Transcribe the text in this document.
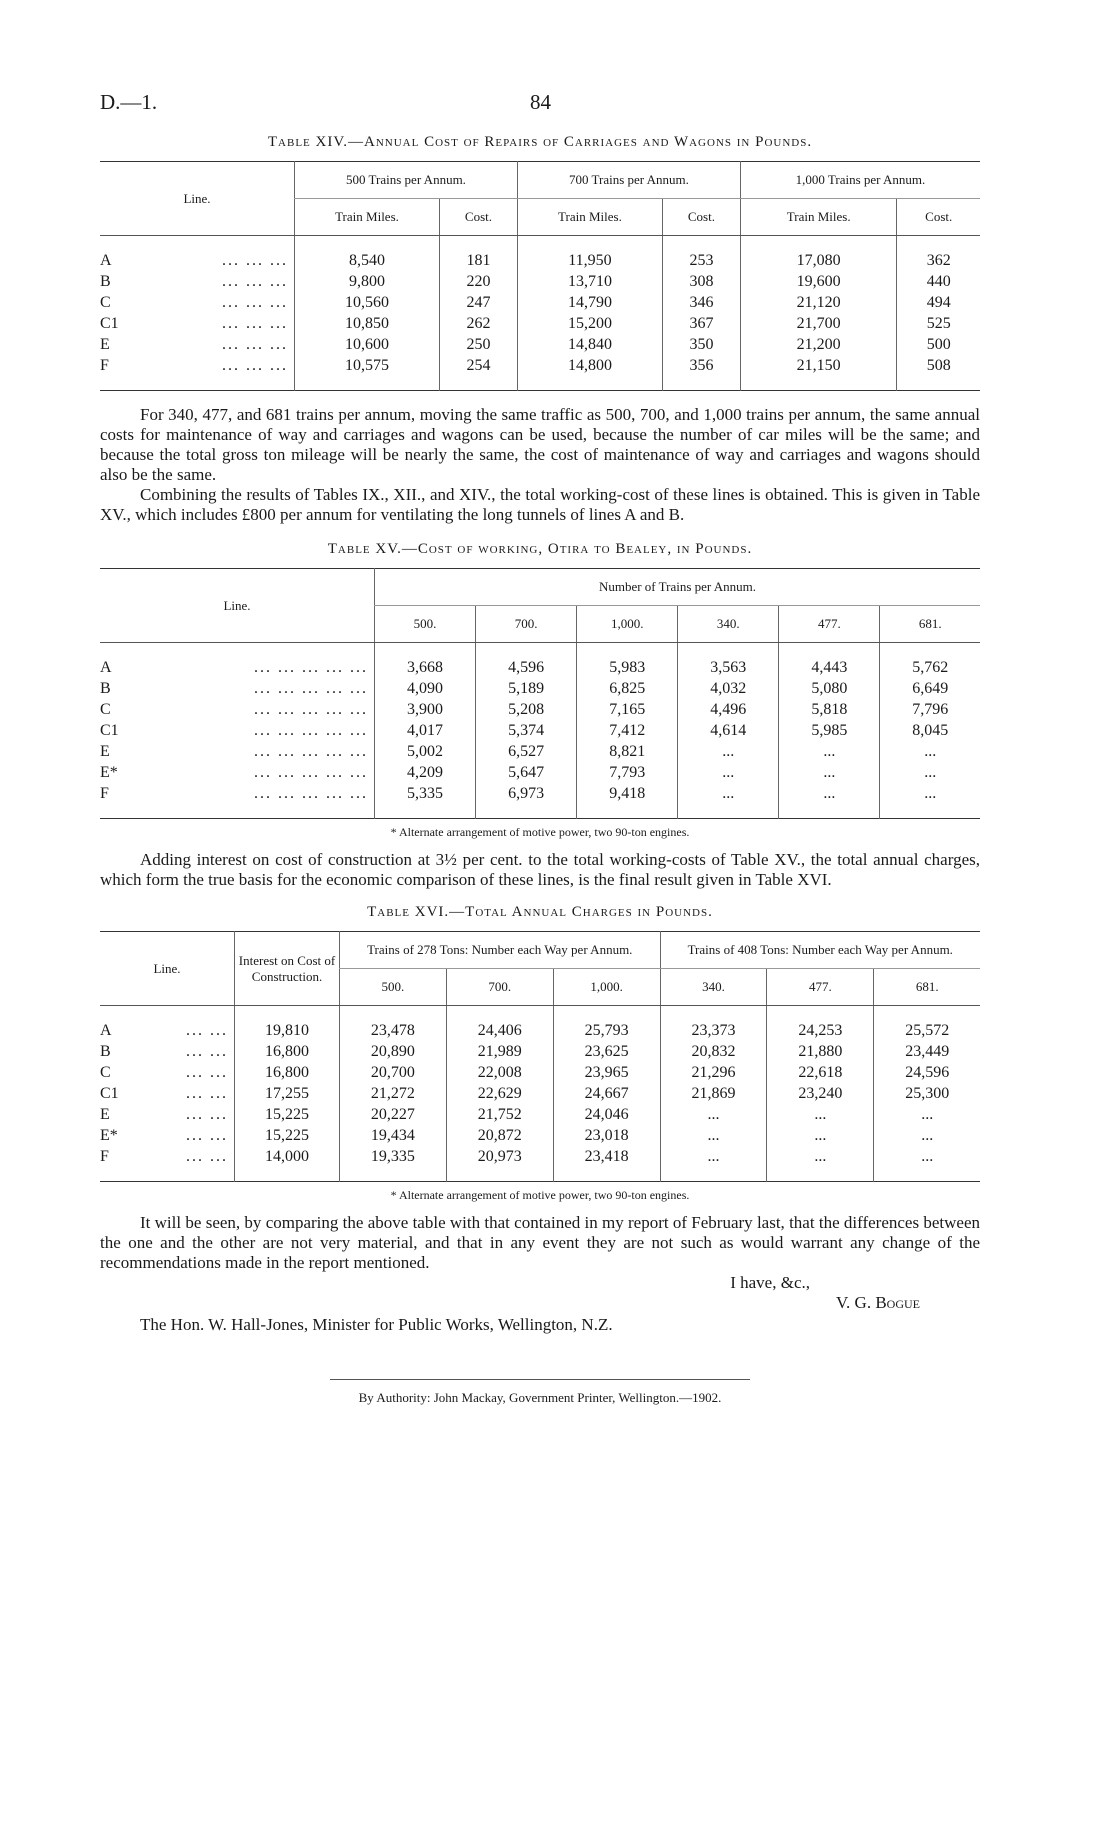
D.—1.	84
Table XIV.—Annual Cost of Repairs of Carriages and Wagons in Pounds.
Line.	500 Trains per Annum.		700 Trains per Annum.		1,000 Trains per Annum.	
	Train Miles.	Cost.	Train Miles.	Cost.	Train Miles.	Cost.

A ... ... ...	8,540	181	11,950	253	17,080	362
B ... ... ...	9,800	220	13,710	308	19,600	440
C ... ... ...	10,560	247	14,790	346	21,120	494
C1 ... ... ...	10,850	262	15,200	367	21,700	525
E ... ... ...	10,600	250	14,840	350	21,200	500
F ... ... ...	10,575	254	14,800	356	21,150	508

For 340, 477, and 681 trains per annum, moving the same traffic as 500, 700, and 1,000 trains per annum, the same annual costs for maintenance of way and carriages and wagons can be used, because the number of car miles will be the same; and because the total gross ton mileage will be nearly the same, the cost of maintenance of way and carriages and wagons should also be the same.

Combining the results of Tables IX., XII., and XIV., the total working-cost of these lines is obtained. This is given in Table XV., which includes £800 per annum for ventilating the long tunnels of lines A and B.

Table XV.—Cost of working, Otira to Bealey, in Pounds.
Line.	Number of Trains per Annum.					
	500.	700.	1,000.	340.	477.	681.

A ... ... ... ... ...	3,668	4,596	5,983	3,563	4,443	5,762
B ... ... ... ... ...	4,090	5,189	6,825	4,032	5,080	6,649
C ... ... ... ... ...	3,900	5,208	7,165	4,496	5,818	7,796
C1 ... ... ... ... ...	4,017	5,374	7,412	4,614	5,985	8,045
E ... ... ... ... ...	5,002	6,527	8,821	...	...	...
E* ... ... ... ... ...	4,209	5,647	7,793	...	...	...
F ... ... ... ... ...	5,335	6,973	9,418	...	...	...

* Alternate arrangement of motive power, two 90-ton engines.

Adding interest on cost of construction at 3½ per cent. to the total working-costs of Table XV., the total annual charges, which form the true basis for the economic comparison of these lines, is the final result given in Table XVI.

Table XVI.—Total Annual Charges in Pounds.
Line.	Interest on Cost of Construction.	Trains of 278 Tons: Number each Way per Annum.			Trains of 408 Tons: Number each Way per Annum.		
		500.	700.	1,000.	340.	477.	681.

A ... ...	19,810	23,478	24,406	25,793	23,373	24,253	25,572
B ... ...	16,800	20,890	21,989	23,625	20,832	21,880	23,449
C ... ...	16,800	20,700	22,008	23,965	21,296	22,618	24,596
C1 ... ...	17,255	21,272	22,629	24,667	21,869	23,240	25,300
E ... ...	15,225	20,227	21,752	24,046	...	...	...
E* ... ...	15,225	19,434	20,872	23,018	...	...	...
F ... ...	14,000	19,335	20,973	23,418	...	...	...

* Alternate arrangement of motive power, two 90-ton engines.

It will be seen, by comparing the above table with that contained in my report of February last, that the differences between the one and the other are not very material, and that in any event they are not such as would warrant any change of the recommendations made in the report mentioned.

I have, &c.,
V. G. Bogue
The Hon. W. Hall-Jones, Minister for Public Works, Wellington, N.Z.
By Authority: John Mackay, Government Printer, Wellington.—1902.
